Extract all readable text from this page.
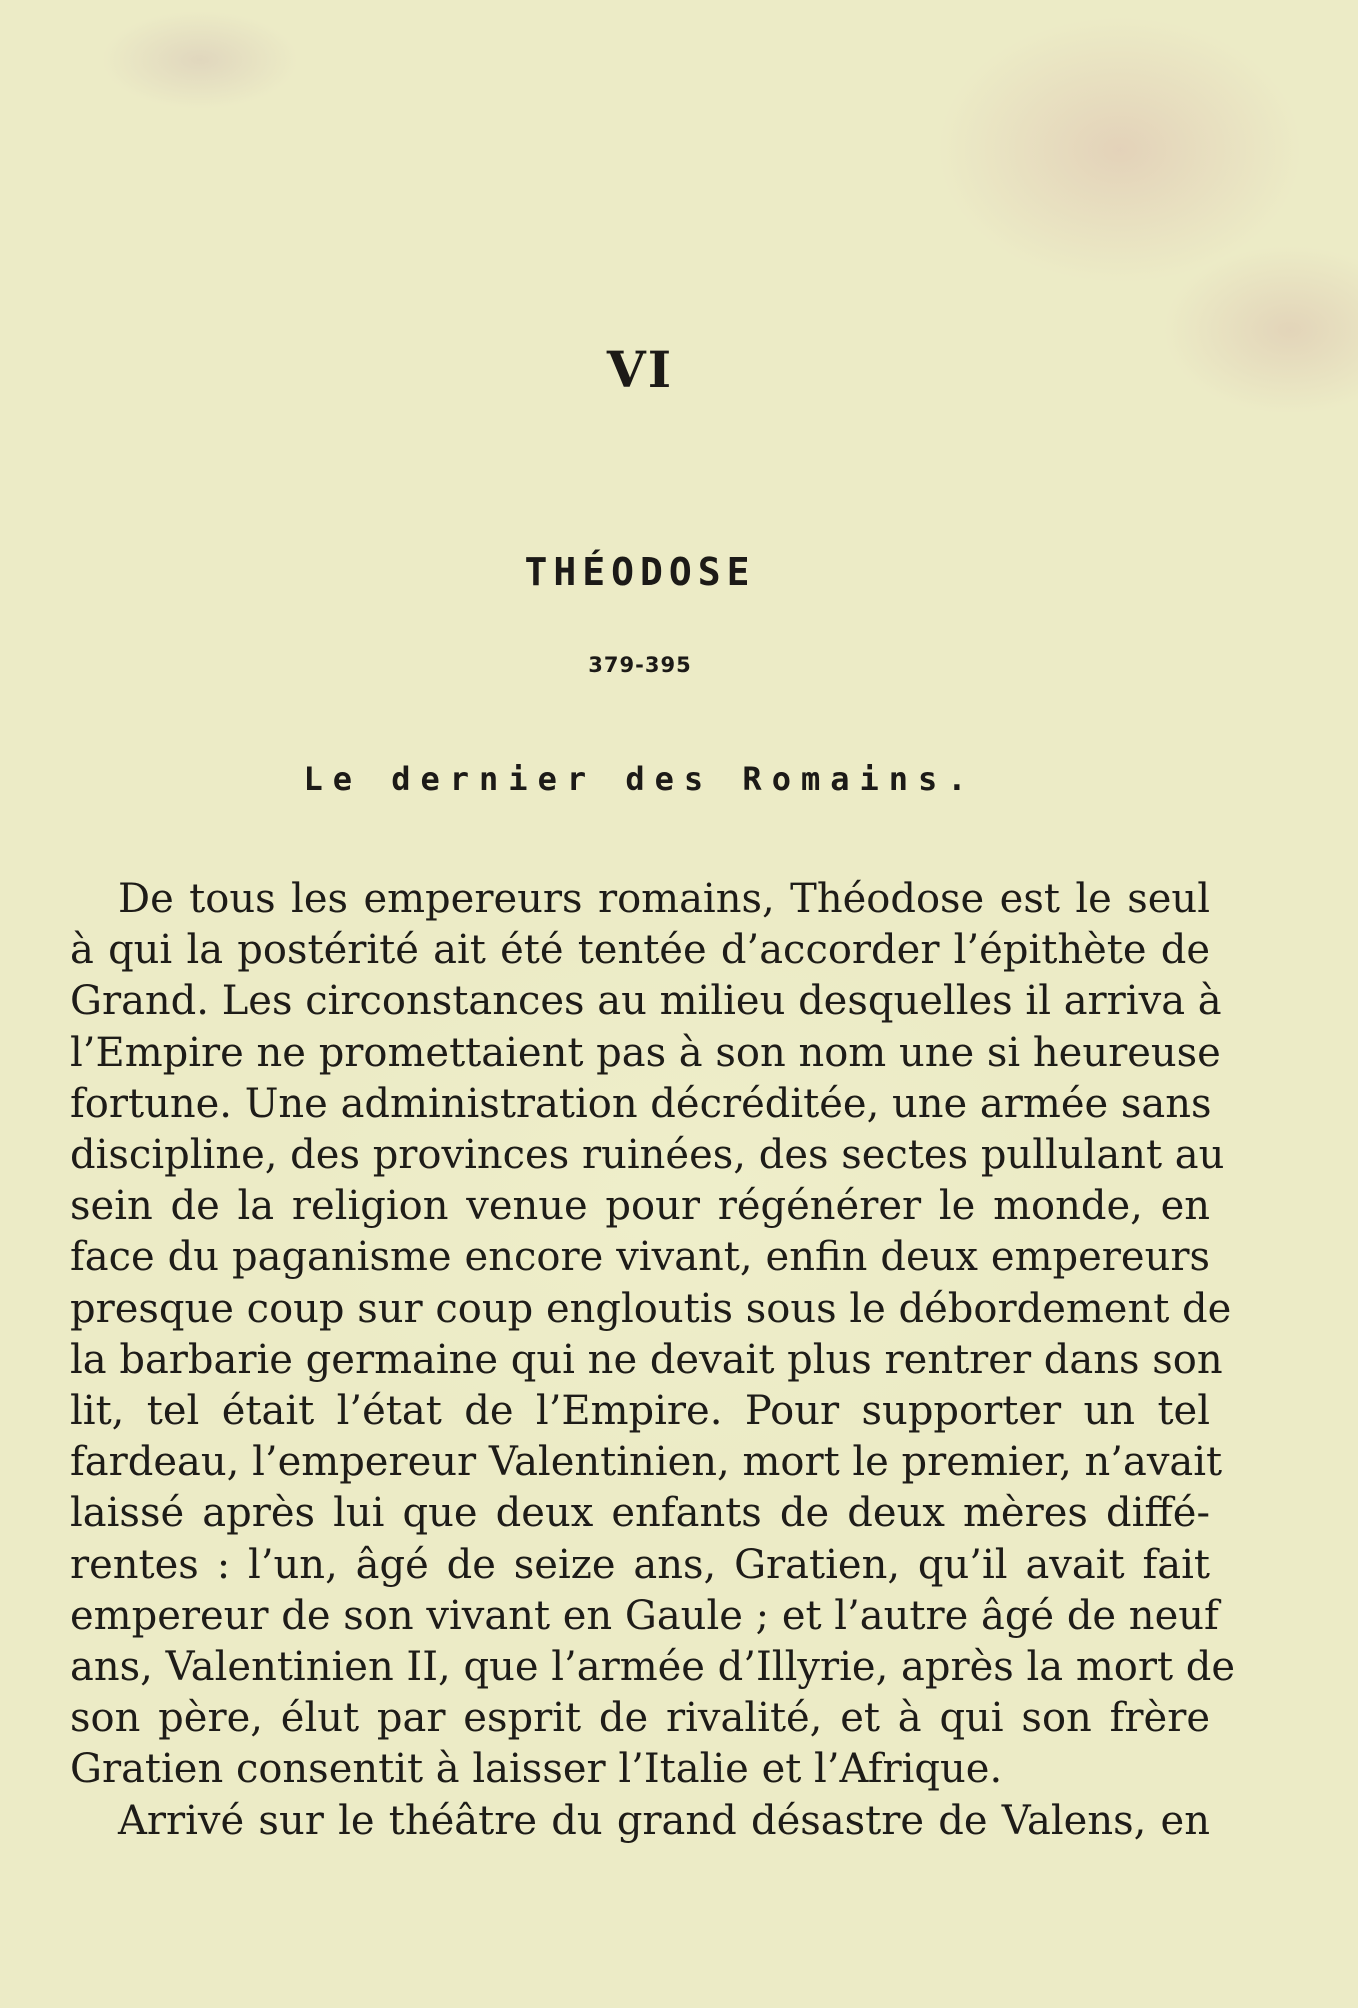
VI
THÉODOSE
379-395
Le dernier des Romains.
De tous les empereurs romains, Théodose est le seul
à qui la postérité ait été tentée d’accorder l’épithète de
Grand. Les circonstances au milieu desquelles il arriva à
l’Empire ne promettaient pas à son nom une si heureuse
fortune. Une administration décréditée, une armée sans
discipline, des provinces ruinées, des sectes pullulant au
sein de la religion venue pour régénérer le monde, en
face du paganisme encore vivant, enfin deux empereurs
presque coup sur coup engloutis sous le débordement de
la barbarie germaine qui ne devait plus rentrer dans son
lit, tel était l’état de l’Empire. Pour supporter un tel
fardeau, l’empereur Valentinien, mort le premier, n’avait
laissé après lui que deux enfants de deux mères diffé-
rentes : l’un, âgé de seize ans, Gratien, qu’il avait fait
empereur de son vivant en Gaule ; et l’autre âgé de neuf
ans, Valentinien II, que l’armée d’Illyrie, après la mort de
son père, élut par esprit de rivalité, et à qui son frère
Gratien consentit à laisser l’Italie et l’Afrique.
Arrivé sur le théâtre du grand désastre de Valens, en
